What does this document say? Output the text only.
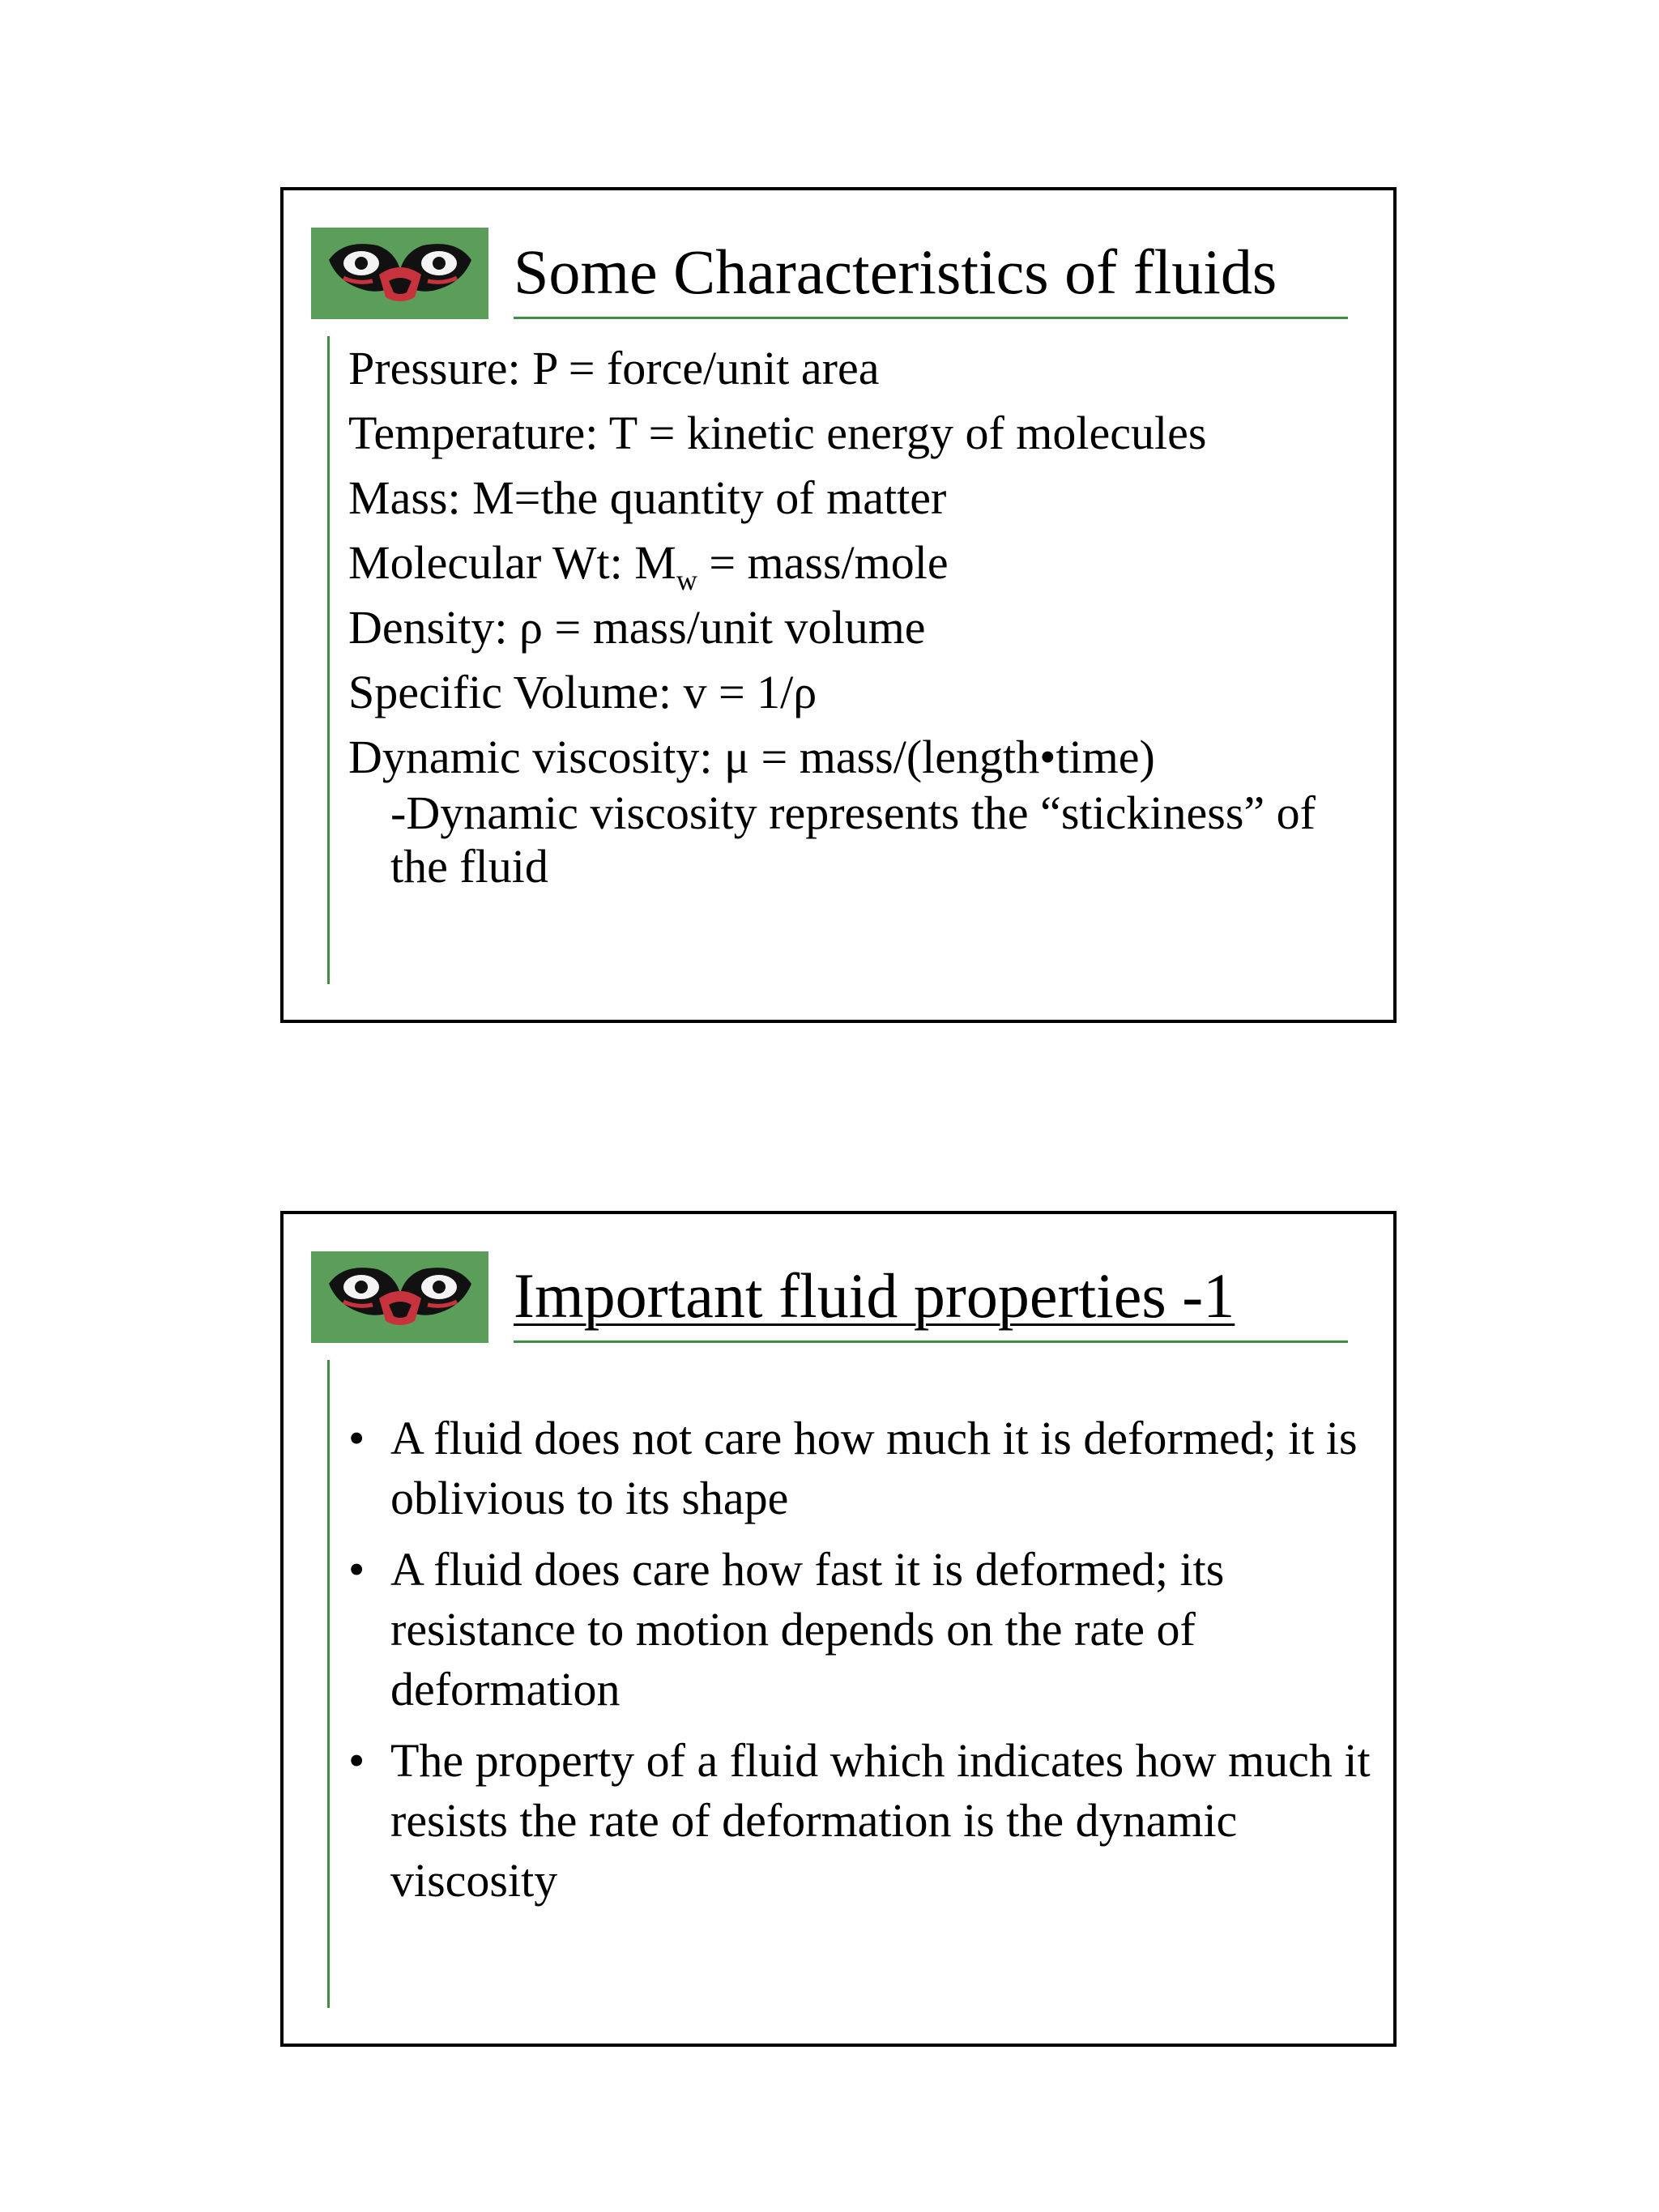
Some Characteristics of fluids
Pressure: P = force/unit area
Temperature: T = kinetic energy of molecules
Mass: M=the quantity of matter
Molecular Wt: $M_w$ = mass/mole
Density: ρ = mass/unit volume
Specific Volume: v = 1/ρ
Dynamic viscosity: μ = mass/(length•time)
-Dynamic viscosity represents the “stickiness” of the fluid
Important fluid properties -1
• A fluid does not care how much it is deformed; it is oblivious to its shape
• A fluid does care how fast it is deformed; its resistance to motion depends on the rate of deformation
• The property of a fluid which indicates how much it resists the rate of deformation is the dynamic viscosity
